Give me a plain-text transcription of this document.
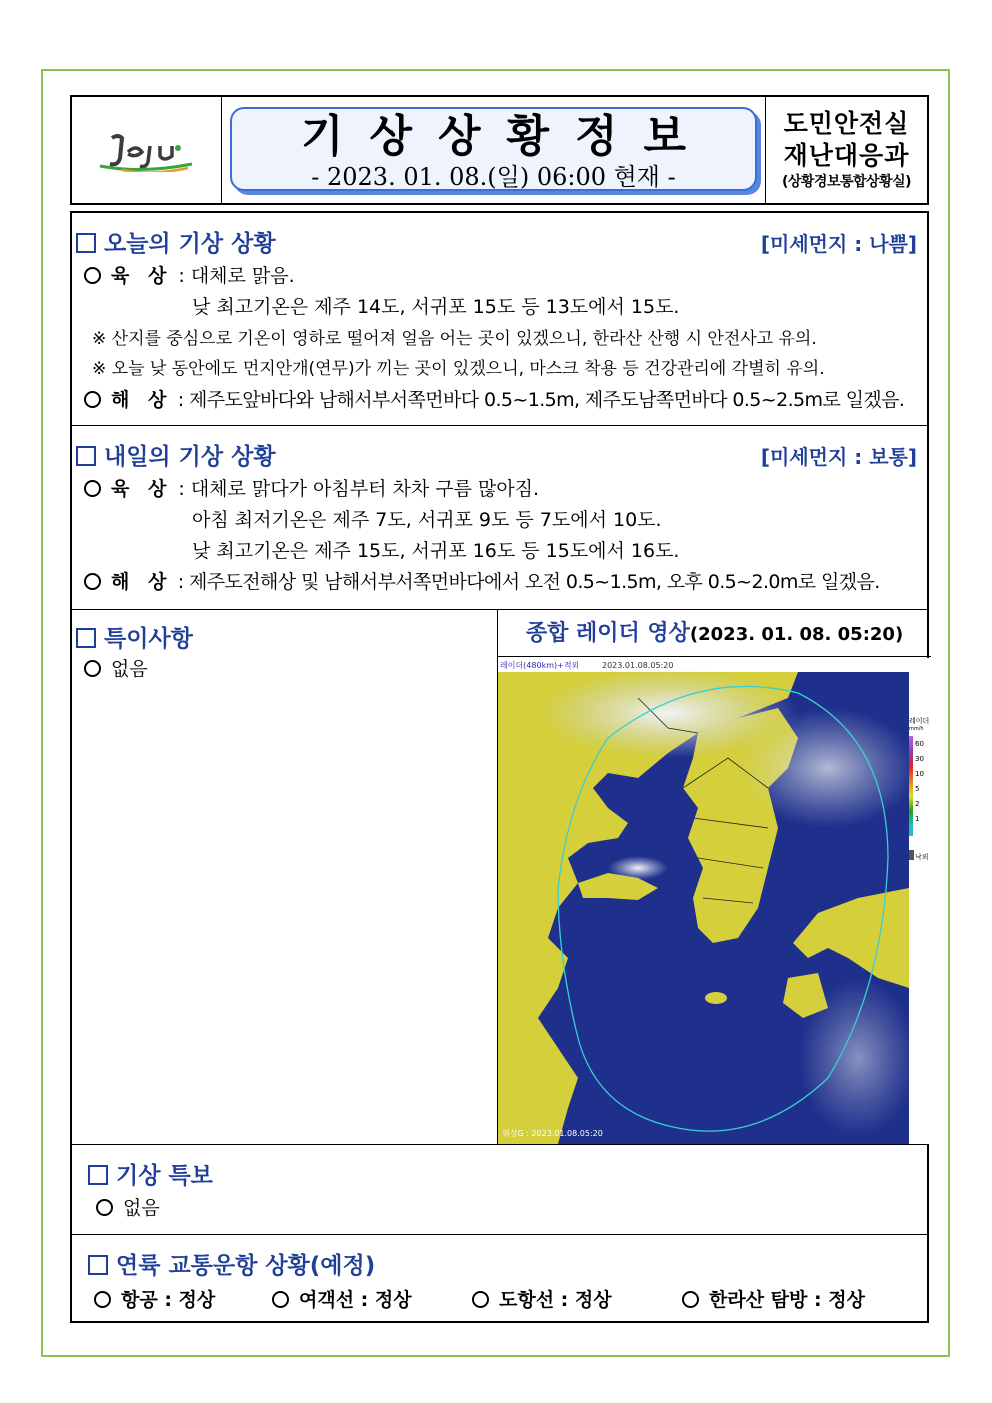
기상상황정보
- 2023. 01. 08.(일) 06:00 현재 -
도민안전실
재난대응과
(상황경보통합상황실)
오늘의 기상 상황	[미세먼지 : 나쁨]
육 상 : 대체로 맑음.
낮 최고기온은 제주 14도, 서귀포 15도 등 13도에서 15도.
※ 산지를 중심으로 기온이 영하로 떨어져 얼음 어는 곳이 있겠으니, 한라산 산행 시 안전사고 유의.
※ 오늘 낮 동안에도 먼지안개(연무)가 끼는 곳이 있겠으니, 마스크 착용 등 건강관리에 각별히 유의.
해 상 : 제주도앞바다와 남해서부서쪽먼바다 0.5~1.5m, 제주도남쪽먼바다 0.5~2.5m로 일겠음.
내일의 기상 상황	[미세먼지 : 보통]
육 상 : 대체로 맑다가 아침부터 차차 구름 많아짐.
아침 최저기온은 제주 7도, 서귀포 9도 등 7도에서 10도.
낮 최고기온은 제주 15도, 서귀포 16도 등 15도에서 16도.
해 상 : 제주도전해상 및 남해서부서쪽먼바다에서 오전 0.5~1.5m, 오후 0.5~2.0m로 일겠음.
특이사항
없음
종합 레이더 영상(2023. 01. 08. 05:20)
레이더(480km)+적외	2023.01.08.05:20
위성G : 2023.01.08.05:20
레이더
mm/h
60
30
10
5
2
1
낙뢰
기상 특보
없음
연륙 교통운항 상황(예정)
항공 : 정상	여객선 : 정상	도항선 : 정상	한라산 탐방 : 정상
